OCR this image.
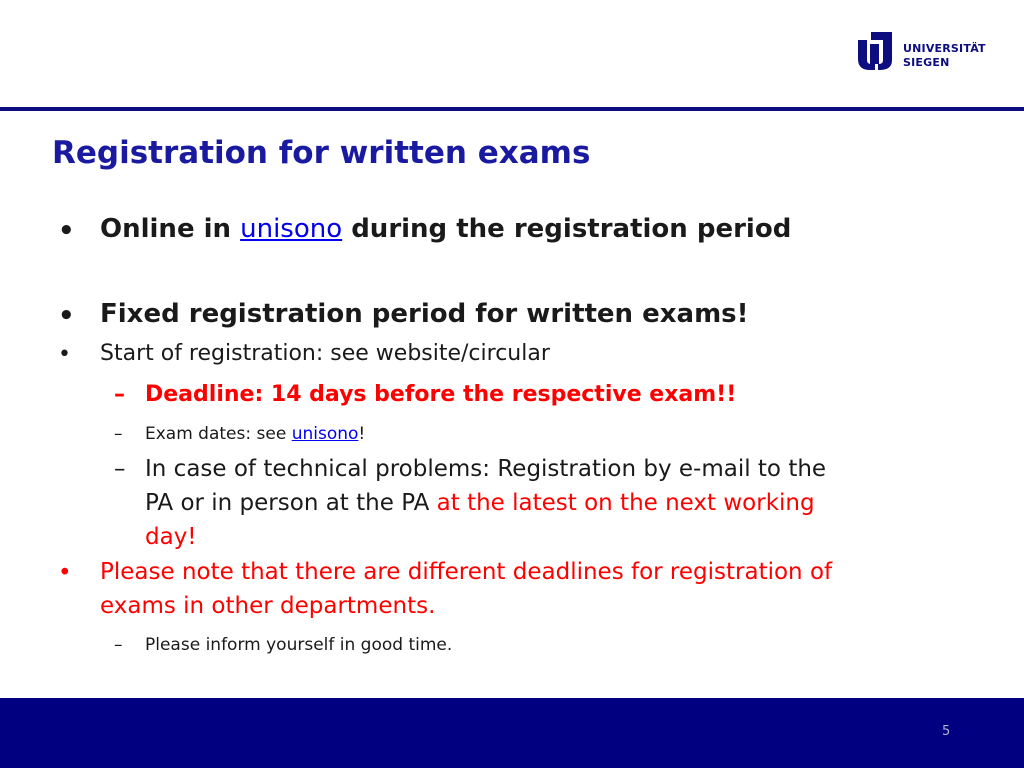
UNIVERSITÄT
SIEGEN
Registration for written exams
• Online in unisono during the registration period
• Fixed registration period for written exams!
•	Start of registration: see website/circular
– Deadline: 14 days before the respective exam!!
–	Exam dates: see unisono!
– In case of technical problems: Registration by e-mail to the
PA or in person at the PA at the latest on the next working
day!
• Please note that there are different deadlines for registration of
exams in other departments.
–	Please inform yourself in good time.
5
